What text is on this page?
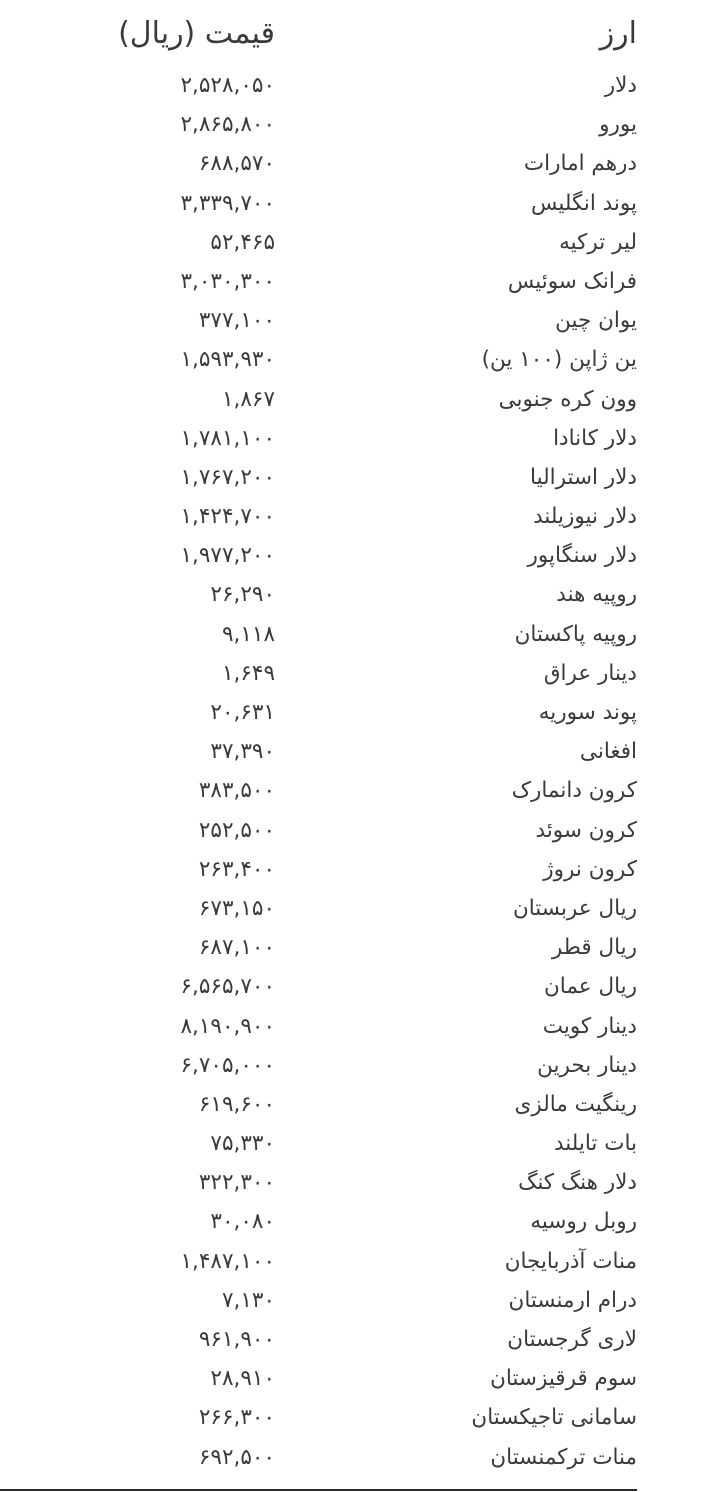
ارز
قیمت (ریال)
دلار
۲,۵۲۸,۰۵۰
یورو
۲,۸۶۵,۸۰۰
درهم امارات
۶۸۸,۵۷۰
پوند انگلیس
۳,۳۳۹,۷۰۰
لیر ترکیه
۵۲,۴۶۵
فرانک سوئیس
۳,۰۳۰,۳۰۰
یوان چین
۳۷۷,۱۰۰
ین ژاپن (۱۰۰ ین)
۱,۵۹۳,۹۳۰
وون کره جنوبی
۱,۸۶۷
دلار کانادا
۱,۷۸۱,۱۰۰
دلار استرالیا
۱,۷۶۷,۲۰۰
دلار نیوزیلند
۱,۴۲۴,۷۰۰
دلار سنگاپور
۱,۹۷۷,۲۰۰
روپیه هند
۲۶,۲۹۰
روپیه پاکستان
۹,۱۱۸
دینار عراق
۱,۶۴۹
پوند سوریه
۲۰,۶۳۱
افغانی
۳۷,۳۹۰
کرون دانمارک
۳۸۳,۵۰۰
کرون سوئد
۲۵۲,۵۰۰
کرون نروژ
۲۶۳,۴۰۰
ریال عربستان
۶۷۳,۱۵۰
ریال قطر
۶۸۷,۱۰۰
ریال عمان
۶,۵۶۵,۷۰۰
دینار کویت
۸,۱۹۰,۹۰۰
دینار بحرین
۶,۷۰۵,۰۰۰
رینگیت مالزی
۶۱۹,۶۰۰
بات تایلند
۷۵,۳۳۰
دلار هنگ کنگ
۳۲۲,۳۰۰
روبل روسیه
۳۰,۰۸۰
منات آذربایجان
۱,۴۸۷,۱۰۰
درام ارمنستان
۷,۱۳۰
لاری گرجستان
۹۶۱,۹۰۰
سوم قرقیزستان
۲۸,۹۱۰
سامانی تاجیکستان
۲۶۶,۳۰۰
منات ترکمنستان
۶۹۲,۵۰۰
